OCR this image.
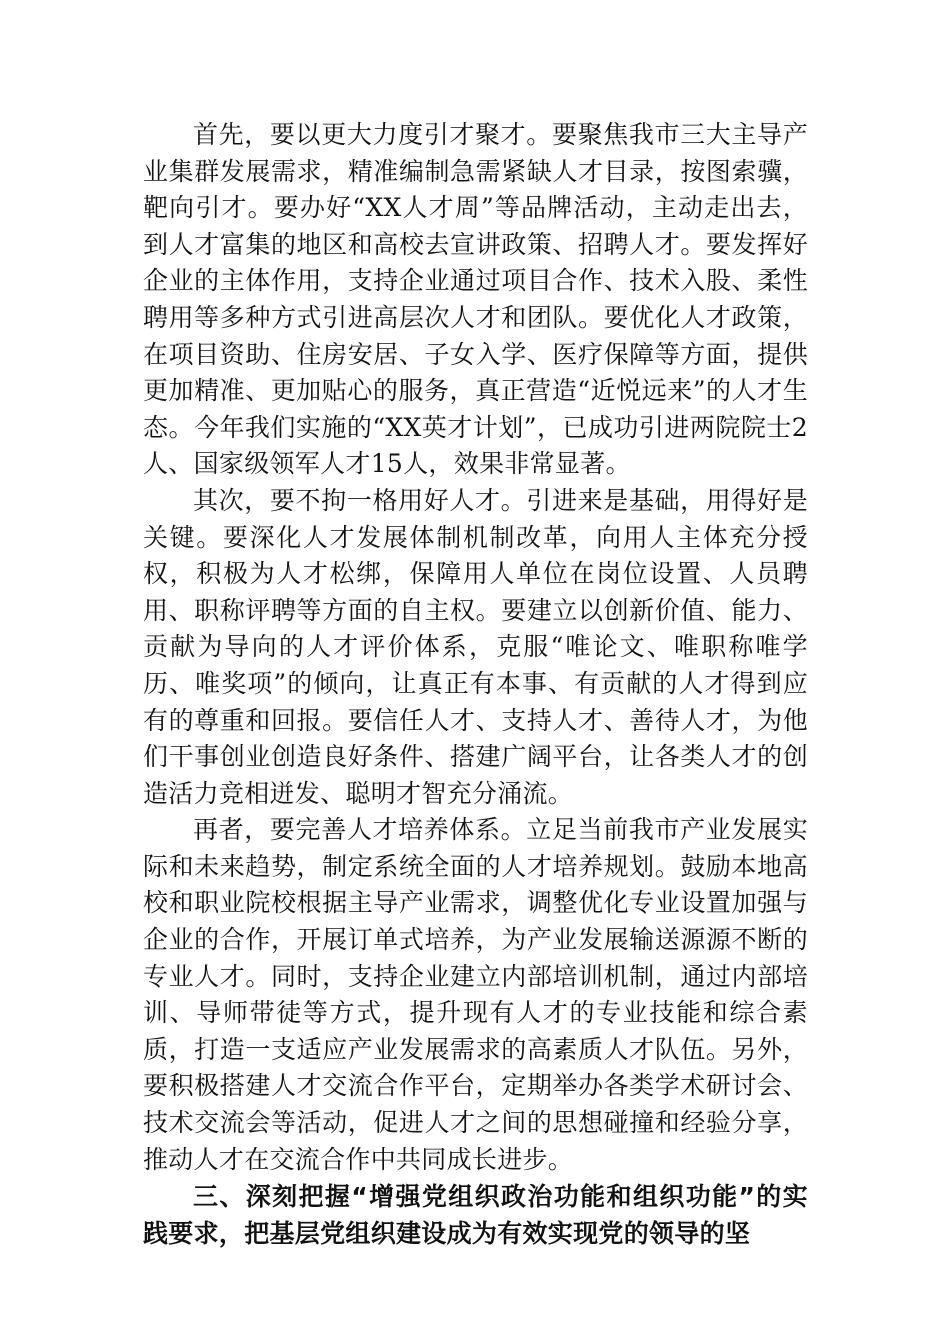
首先，要以更大力度引才聚才。要聚焦我市三大主导产业集群发展需求，精准编制急需紧缺人才目录，按图索骥，靶向引才。要办好“XX人才周”等品牌活动，主动走出去，到人才富集的地区和高校去宣讲政策、招聘人才。要发挥好企业的主体作用，支持企业通过项目合作、技术入股、柔性聘用等多种方式引进高层次人才和团队。要优化人才政策，在项目资助、住房安居、子女入学、医疗保障等方面，提供更加精准、更加贴心的服务，真正营造“近悦远来”的人才生态。今年我们实施的“XX英才计划”，已成功引进两院院士2人、国家级领军人才15人，效果非常显著。

其次，要不拘一格用好人才。引进来是基础，用得好是关键。要深化人才发展体制机制改革，向用人主体充分授权，积极为人才松绑，保障用人单位在岗位设置、人员聘用、职称评聘等方面的自主权。要建立以创新价值、能力、贡献为导向的人才评价体系，克服“唯论文、唯职称唯学历、唯奖项”的倾向，让真正有本事、有贡献的人才得到应有的尊重和回报。要信任人才、支持人才、善待人才，为他们干事创业创造良好条件、搭建广阔平台，让各类人才的创造活力竞相迸发、聪明才智充分涌流。

再者，要完善人才培养体系。立足当前我市产业发展实际和未来趋势，制定系统全面的人才培养规划。鼓励本地高校和职业院校根据主导产业需求，调整优化专业设置加强与企业的合作，开展订单式培养，为产业发展输送源源不断的专业人才。同时，支持企业建立内部培训机制，通过内部培训、导师带徒等方式，提升现有人才的专业技能和综合素质，打造一支适应产业发展需求的高素质人才队伍。另外，要积极搭建人才交流合作平台，定期举办各类学术研讨会、技术交流会等活动，促进人才之间的思想碰撞和经验分享，推动人才在交流合作中共同成长进步。

三、深刻把握“增强党组织政治功能和组织功能”的实践要求，把基层党组织建设成为有效实现党的领导的坚
